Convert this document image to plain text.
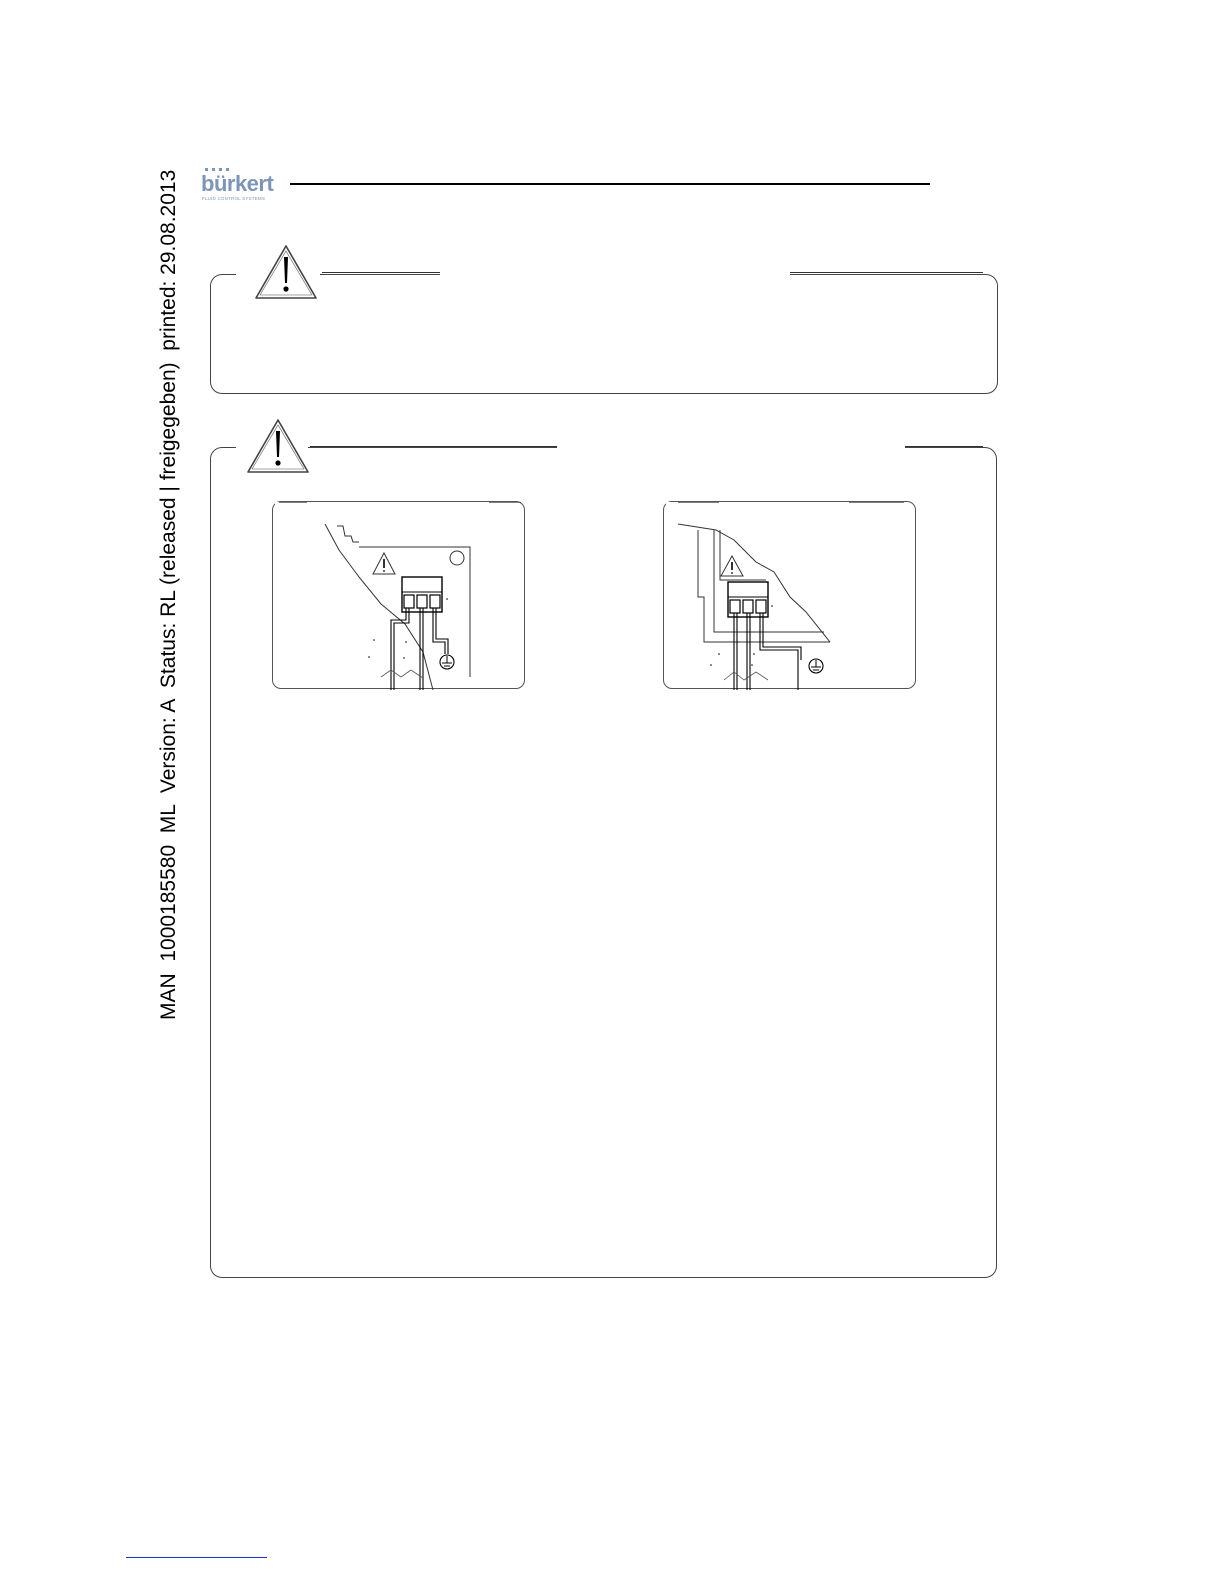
MAN  1000185580  ML  Version: A  Status: RL (released | freigegeben)  printed: 29.08.2013 bürkert
FLUID CONTROL SYSTEMS
